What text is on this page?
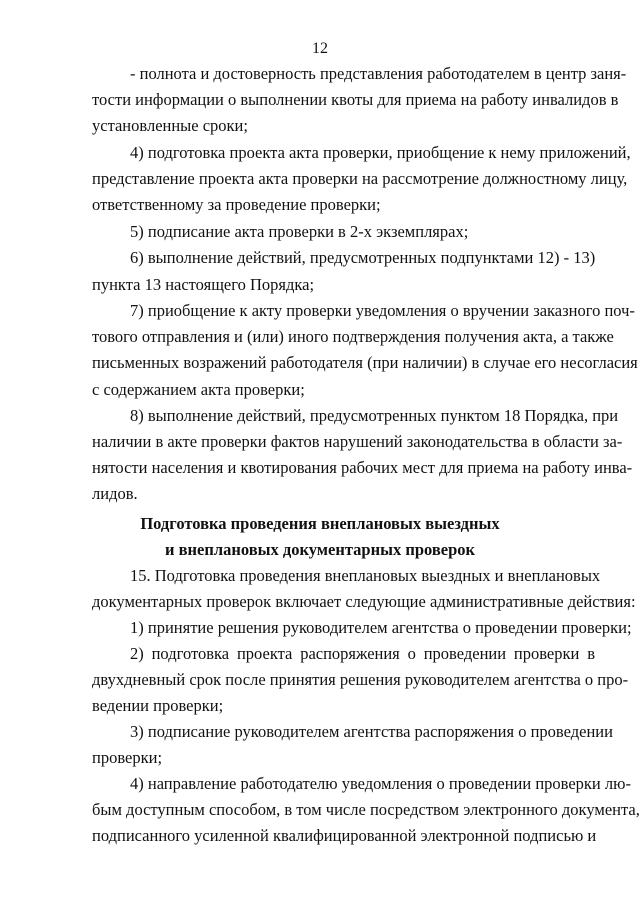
12
- полнота и достоверность представления работодателем в центр заня-
тости информации о выполнении квоты для приема на работу инвалидов в
установленные сроки;
4) подготовка проекта акта проверки, приобщение к нему приложений,
представление проекта акта проверки на рассмотрение должностному лицу,
ответственному за проведение проверки;
5) подписание акта проверки в 2-х экземплярах;
6) выполнение действий, предусмотренных подпунктами 12) - 13)
пункта 13 настоящего Порядка;
7) приобщение к акту проверки уведомления о вручении заказного поч-
тового отправления и (или) иного подтверждения получения акта, а также
письменных возражений работодателя (при наличии) в случае его несогласия
с содержанием акта проверки;
8) выполнение действий, предусмотренных пунктом 18 Порядка, при
наличии в акте проверки фактов нарушений законодательства в области за-
нятости населения и квотирования рабочих мест для приема на работу инва-
лидов.
Подготовка проведения внеплановых выездных
и внеплановых документарных проверок
15. Подготовка проведения внеплановых выездных и внеплановых
документарных проверок включает следующие административные действия:
1) принятие решения руководителем агентства о проведении проверки;
2) подготовка проекта распоряжения о проведении проверки в
двухдневный срок после принятия решения руководителем агентства о про-
ведении проверки;
3) подписание руководителем агентства распоряжения о проведении
проверки;
4) направление работодателю уведомления о проведении проверки лю-
бым доступным способом, в том числе посредством электронного документа,
подписанного усиленной квалифицированной электронной подписью и
